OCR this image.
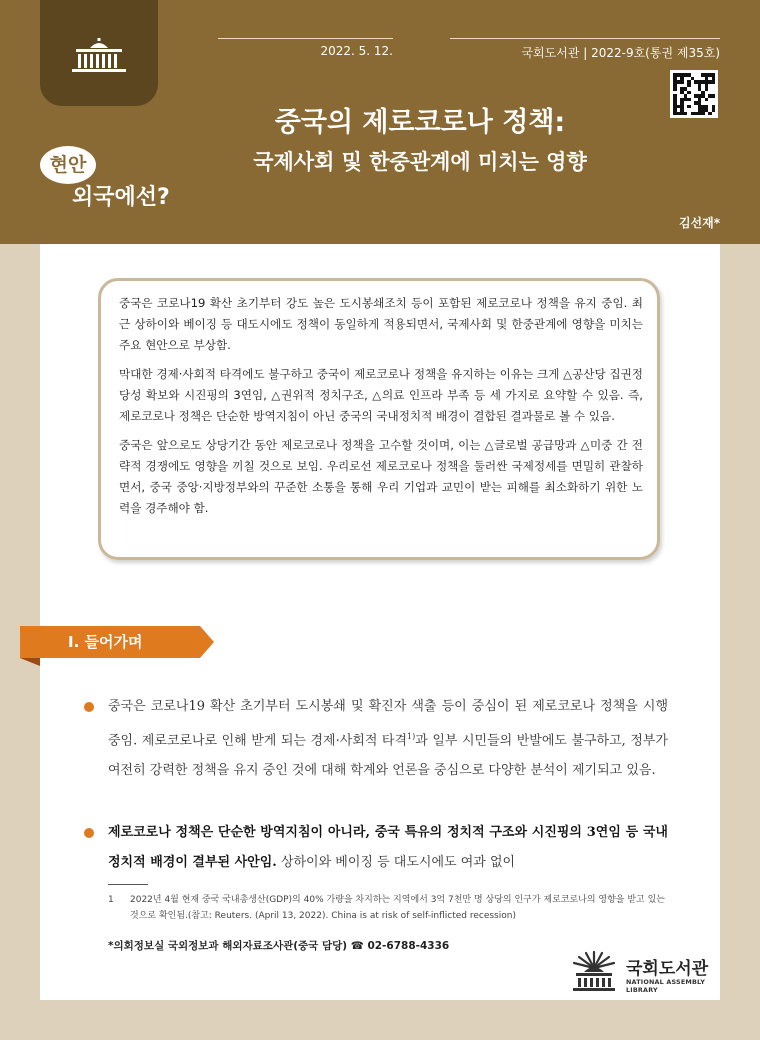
2022. 5. 12.	국회도서관 | 2022-9호(통권 제35호)
중국의 제로코로나 정책:
국제사회 및 한중관계에 미치는 영향
현안
외국에선?
김선재*

중국은 코로나19 확산 초기부터 강도 높은 도시봉쇄조치 등이 포함된 제로코로나 정책을 유지 중임. 최근 상하이와 베이징 등 대도시에도 정책이 동일하게 적용되면서, 국제사회 및 한중관계에 영향을 미치는 주요 현안으로 부상함.

막대한 경제·사회적 타격에도 불구하고 중국이 제로코로나 정책을 유지하는 이유는 크게 △공산당 집권정당성 확보와 시진핑의 3연임, △권위적 정치구조, △의료 인프라 부족 등 세 가지로 요약할 수 있음. 즉, 제로코로나 정책은 단순한 방역지침이 아닌 중국의 국내정치적 배경이 결합된 결과물로 볼 수 있음.

중국은 앞으로도 상당기간 동안 제로코로나 정책을 고수할 것이며, 이는 △글로벌 공급망과 △미중 간 전략적 경쟁에도 영향을 끼칠 것으로 보임. 우리로선 제로코로나 정책을 둘러싼 국제정세를 면밀히 관찰하면서, 중국 중앙·지방정부와의 꾸준한 소통을 통해 우리 기업과 교민이 받는 피해를 최소화하기 위한 노력을 경주해야 함.

Ⅰ. 들어가며
중국은 코로나19 확산 초기부터 도시봉쇄 및 확진자 색출 등이 중심이 된 제로코로나 정책을 시행 중임. 제로코로나로 인해 받게 되는 경제·사회적 타격$^{1)}$과 일부 시민들의 반발에도 불구하고, 정부가 여전히 강력한 정책을 유지 중인 것에 대해 학계와 언론을 중심으로 다양한 분석이 제기되고 있음.
제로코로나 정책은 단순한 방역지침이 아니라, 중국 특유의 정치적 구조와 시진핑의 3연임 등 국내정치적 배경이 결부된 사안임. 상하이와 베이징 등 대도시에도 여과 없이
1 2022년 4월 현재 중국 국내총생산(GDP)의 40% 가량을 차지하는 지역에서 3억 7천만 명 상당의 인구가 제로코로나의 영향을 받고 있는 것으로 확인됨.(참고: Reuters. (April 13, 2022). China is at risk of self-inflicted recession)
*의회정보실 국외정보과 해외자료조사관(중국 담당) ☎ 02-6788-4336
국회도서관
NATIONAL ASSEMBLY LIBRARY
